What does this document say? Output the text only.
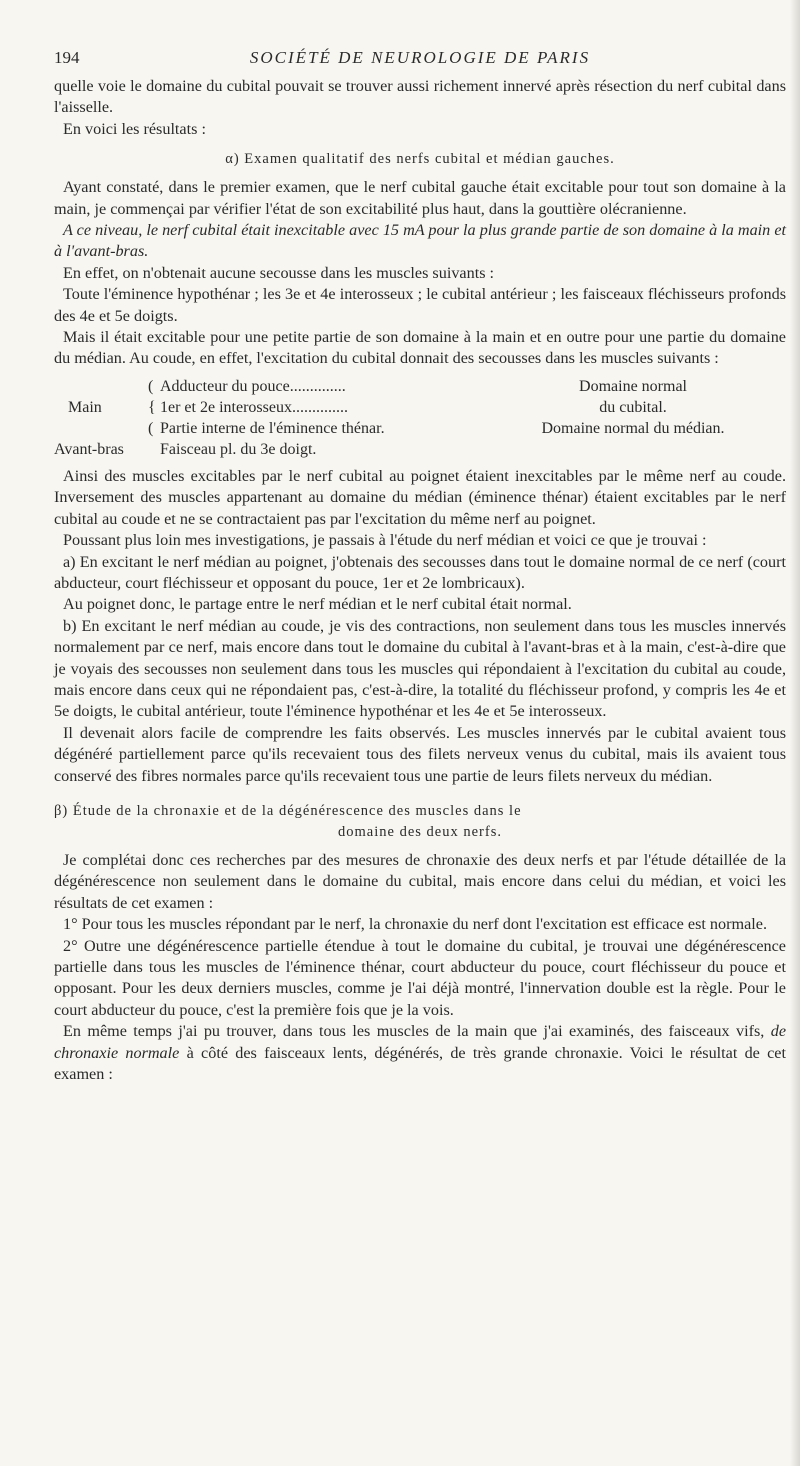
194	SOCIÉTÉ DE NEUROLOGIE DE PARIS

quelle voie le domaine du cubital pouvait se trouver aussi richement innervé après résection du nerf cubital dans l'aisselle.

En voici les résultats :

α) Examen qualitatif des nerfs cubital et médian gauches.

Ayant constaté, dans le premier examen, que le nerf cubital gauche était excitable pour tout son domaine à la main, je commençai par vérifier l'état de son excitabilité plus haut, dans la gouttière olécranienne.

A ce niveau, le nerf cubital était inexcitable avec 15 mA pour la plus grande partie de son domaine à la main et à l'avant-bras.

En effet, on n'obtenait aucune secousse dans les muscles suivants :

Toute l'éminence hypothénar ; les 3e et 4e interosseux ; le cubital antérieur ; les faisceaux fléchisseurs profonds des 4e et 5e doigts.

Mais il était excitable pour une petite partie de son domaine à la main et en outre pour une partie du domaine du médian. Au coude, en effet, l'excitation du cubital donnait des secousses dans les muscles suivants :

	(	Adducteur du pouce..............	Domaine normal
Main	{	1er et 2e interosseux..............	du cubital.
	(	Partie interne de l'éminence thénar.	Domaine normal du médian.
Avant-bras		Faisceau pl. du 3e doigt.	

Ainsi des muscles excitables par le nerf cubital au poignet étaient inexcitables par le même nerf au coude. Inversement des muscles appartenant au domaine du médian (éminence thénar) étaient excitables par le nerf cubital au coude et ne se contractaient pas par l'excitation du même nerf au poignet.

Poussant plus loin mes investigations, je passais à l'étude du nerf médian et voici ce que je trouvai :

a) En excitant le nerf médian au poignet, j'obtenais des secousses dans tout le domaine normal de ce nerf (court abducteur, court fléchisseur et opposant du pouce, 1er et 2e lombricaux).

Au poignet donc, le partage entre le nerf médian et le nerf cubital était normal.

b) En excitant le nerf médian au coude, je vis des contractions, non seulement dans tous les muscles innervés normalement par ce nerf, mais encore dans tout le domaine du cubital à l'avant-bras et à la main, c'est-à-dire que je voyais des secousses non seulement dans tous les muscles qui répondaient à l'excitation du cubital au coude, mais encore dans ceux qui ne répondaient pas, c'est-à-dire, la totalité du fléchisseur profond, y compris les 4e et 5e doigts, le cubital antérieur, toute l'éminence hypothénar et les 4e et 5e interosseux.

Il devenait alors facile de comprendre les faits observés. Les muscles innervés par le cubital avaient tous dégénéré partiellement parce qu'ils recevaient tous des filets nerveux venus du cubital, mais ils avaient tous conservé des fibres normales parce qu'ils recevaient tous une partie de leurs filets nerveux du médian.

β) Étude de la chronaxie et de la dégénérescence des muscles dans le
domaine des deux nerfs.

Je complétai donc ces recherches par des mesures de chronaxie des deux nerfs et par l'étude détaillée de la dégénérescence non seulement dans le domaine du cubital, mais encore dans celui du médian, et voici les résultats de cet examen :

1° Pour tous les muscles répondant par le nerf, la chronaxie du nerf dont l'excitation est efficace est normale.

2° Outre une dégénérescence partielle étendue à tout le domaine du cubital, je trouvai une dégénérescence partielle dans tous les muscles de l'éminence thénar, court abducteur du pouce, court fléchisseur du pouce et opposant. Pour les deux derniers muscles, comme je l'ai déjà montré, l'innervation double est la règle. Pour le court abducteur du pouce, c'est la première fois que je la vois.

En même temps j'ai pu trouver, dans tous les muscles de la main que j'ai examinés, des faisceaux vifs, de chronaxie normale à côté des faisceaux lents, dégénérés, de très grande chronaxie. Voici le résultat de cet examen :
